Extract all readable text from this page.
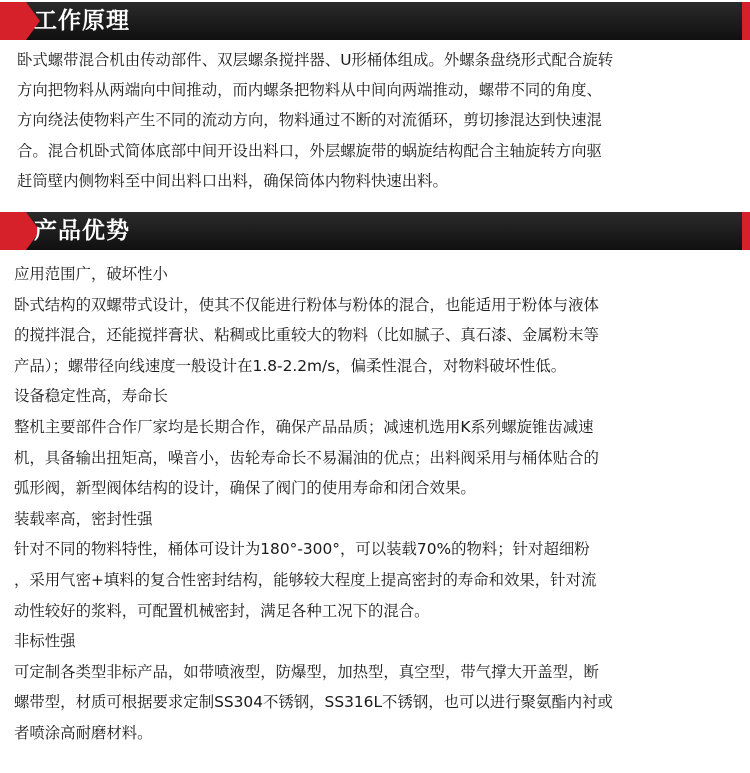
工作原理
卧式螺带混合机由传动部件、双层螺条搅拌器、U形桶体组成。外螺条盘绕形式配合旋转
方向把物料从两端向中间推动，而内螺条把物料从中间向两端推动，螺带不同的角度、
方向绕法使物料产生不同的流动方向，物料通过不断的对流循环，剪切掺混达到快速混
合。混合机卧式简体底部中间开设出料口，外层螺旋带的蜗旋结构配合主轴旋转方向驱
赶筒壁内侧物料至中间出料口出料，确保筒体内物料快速出料。
产品优势
应用范围广，破坏性小
卧式结构的双螺带式设计，使其不仅能进行粉体与粉体的混合，也能适用于粉体与液体
的搅拌混合，还能搅拌膏状、粘稠或比重较大的物料（比如腻子、真石漆、金属粉末等
产品）；螺带径向线速度一般设计在1.8-2.2m/s，偏柔性混合，对物料破坏性低。
设备稳定性高，寿命长
整机主要部件合作厂家均是长期合作，确保产品品质；减速机选用K系列螺旋锥齿减速
机，具备输出扭矩高，噪音小，齿轮寿命长不易漏油的优点；出料阀采用与桶体贴合的
弧形阀，新型阀体结构的设计，确保了阀门的使用寿命和闭合效果。
装载率高，密封性强
针对不同的物料特性，桶体可设计为180°-300°，可以装载70%的物料；针对超细粉
，采用气密+填料的复合性密封结构，能够较大程度上提高密封的寿命和效果，针对流
动性较好的浆料，可配置机械密封，满足各种工况下的混合。
非标性强
可定制各类型非标产品，如带喷液型，防爆型，加热型，真空型，带气撑大开盖型，断
螺带型，材质可根据要求定制SS304不锈钢，SS316L不锈钢，也可以进行聚氨酯内衬或
者喷涂高耐磨材料。
